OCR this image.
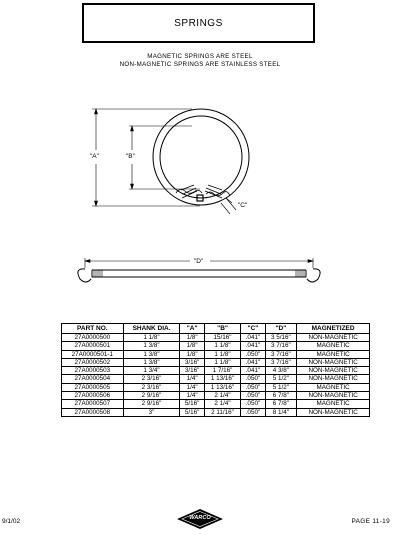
SPRINGS
MAGNETIC SPRINGS ARE STEEL
NON-MAGNETIC SPRINGS ARE STAINLESS STEEL
"A"	"B"
"C"
"D"
PART NO.	SHANK DIA.	"A"	"B"	"C"	"D"	MAGNETIZED
27A0000500	1 1/8"	1/8"	15/16"	.041"	3 5/16"	NON-MAGNETIC
27A0000501	1 3/8"	1/8"	1 1/8"	.041"	3 7/16"	MAGNETIC
27A0000501-1	1 3/8"	1/8"	1 1/8"	.050"	3 7/16"	MAGNETIC
27A0000502	1 3/8"	3/16"	1 1/8"	.041"	3 7/16"	NON-MAGNETIC
27A0000503	1 3/4"	3/16"	1 7/16"	.041"	4 3/8"	NON-MAGNETIC
27A0000504	2 3/16"	1/4"	1 13/16"	.050"	5 1/2"	NON-MAGNETIC
27A0000505	2 3/16"	1/4"	1 13/16"	.050"	5 1/2"	MAGNETIC
27A0000506	2 9/16"	1/4"	2 1/4"	.050"	6 7/8"	NON-MAGNETIC
27A0000507	2 9/16"	5/16"	2 1/4"	.050"	6 7/8"	MAGNETIC
27A0000508	3"	5/16"	2 11/16"	.050"	8 1/4"	NON-MAGNETIC
9/1/02	WARCO	PAGE 11-19
